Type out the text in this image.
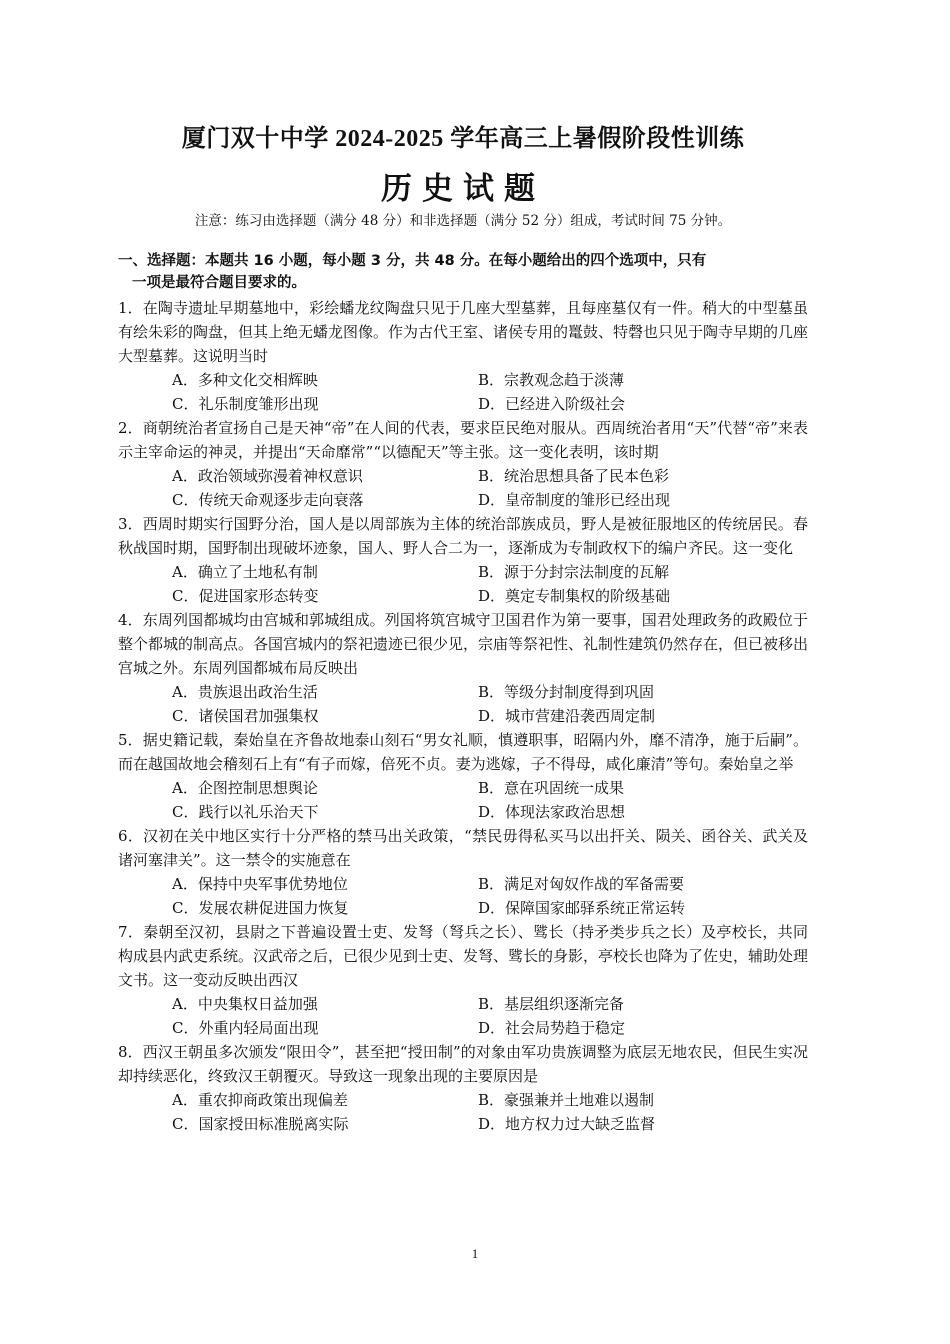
厦门双十中学 2024-2025 学年高三上暑假阶段性训练
历史试题

注意：练习由选择题（满分 48 分）和非选择题（满分 52 分）组成，考试时间 75 分钟。

一、选择题：本题共 16 小题，每小题 3 分，共 48 分。在每小题给出的四个选项中，只有
一项是最符合题目要求的。

1．在陶寺遗址早期墓地中，彩绘蟠龙纹陶盘只见于几座大型墓葬，且每座墓仅有一件。稍大的中型墓虽有绘朱彩的陶盘，但其上绝无蟠龙图像。作为古代王室、诸侯专用的鼍鼓、特磬也只见于陶寺早期的几座大型墓葬。这说明当时

A．多种文化交相辉映	B．宗教观念趋于淡薄
C．礼乐制度雏形出现	D．已经进入阶级社会

2．商朝统治者宣扬自己是天神“帝”在人间的代表，要求臣民绝对服从。西周统治者用“天”代替“帝”来表示主宰命运的神灵，并提出“天命靡常”“以德配天”等主张。这一变化表明，该时期

A．政治领域弥漫着神权意识	B．统治思想具备了民本色彩
C．传统天命观逐步走向衰落	D．皇帝制度的雏形已经出现

3．西周时期实行国野分治，国人是以周部族为主体的统治部族成员，野人是被征服地区的传统居民。春秋战国时期，国野制出现破坏迹象，国人、野人合二为一，逐渐成为专制政权下的编户齐民。这一变化

A．确立了土地私有制	B．源于分封宗法制度的瓦解
C．促进国家形态转变	D．奠定专制集权的阶级基础

4．东周列国都城均由宫城和郭城组成。列国将筑宫城守卫国君作为第一要事，国君处理政务的政殿位于整个都城的制高点。各国宫城内的祭祀遗迹已很少见，宗庙等祭祀性、礼制性建筑仍然存在，但已被移出宫城之外。东周列国都城布局反映出

A．贵族退出政治生活	B．等级分封制度得到巩固
C．诸侯国君加强集权	D．城市营建沿袭西周定制

5．据史籍记载，秦始皇在齐鲁故地泰山刻石“男女礼顺，慎遵职事，昭隔内外，靡不清净，施于后嗣”。而在越国故地会稽刻石上有“有子而嫁，倍死不贞。妻为逃嫁，子不得母，咸化廉清”等句。秦始皇之举

A．企图控制思想舆论	B．意在巩固统一成果
C．践行以礼乐治天下	D．体现法家政治思想

6．汉初在关中地区实行十分严格的禁马出关政策，“禁民毋得私买马以出扞关、陨关、函谷关、武关及诸河塞津关”。这一禁令的实施意在

A．保持中央军事优势地位	B．满足对匈奴作战的军备需要
C．发展农耕促进国力恢复	D．保障国家邮驿系统正常运转

7．秦朝至汉初，县尉之下普遍设置士吏、发弩（弩兵之长）、骘长（持矛类步兵之长）及亭校长，共同构成县内武吏系统。汉武帝之后，已很少见到士吏、发弩、骘长的身影，亭校长也降为了佐史，辅助处理文书。这一变动反映出西汉

A．中央集权日益加强	B．基层组织逐渐完备
C．外重内轻局面出现	D．社会局势趋于稳定

8．西汉王朝虽多次颁发“限田令”，甚至把“授田制”的对象由军功贵族调整为底层无地农民，但民生实况却持续恶化，终致汉王朝覆灭。导致这一现象出现的主要原因是

A．重农抑商政策出现偏差	B．豪强兼并土地难以遏制
C．国家授田标准脱离实际	D．地方权力过大缺乏监督
1
